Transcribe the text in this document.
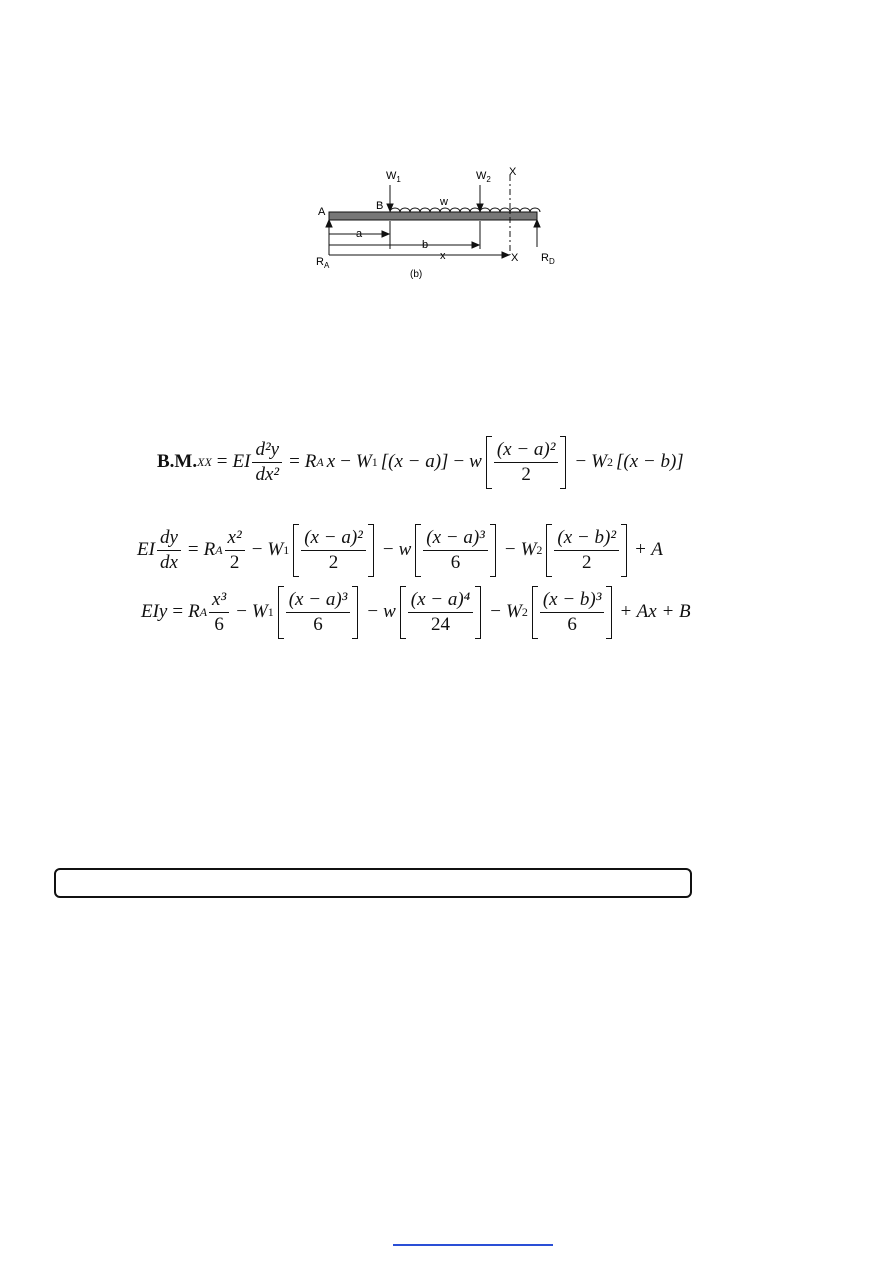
$W_1$	$W_2$
X
A	B	w
a
b
x	X
$R_A$
$R_D$
(b)
B.M. XX = EI $\frac{\text{d²y}}{\text{dx²}} = R$ A x − W 1 [(x − a)] − w $\frac{\text{(x − a)²}}{2} - W$ 2 [(x − b)]
EI $\frac{dy}{dx} = R$ A $\frac{\text{x²}}{2} - W$ $1 \frac{\text{(x − a)²}}{2} - w \frac{\text{(x − a)³}}{6} - W$ $2 \frac{\text{(x − b)²}}{2} + A$
EIy = R A $\frac{\text{x³}}{6} - W$ $1 \frac{\text{(x − a)³}}{6} - w \frac{\text{(x − a)⁴}}{24} - W$ $2 \frac{\text{(x − b)³}}{6} + Ax + B$
